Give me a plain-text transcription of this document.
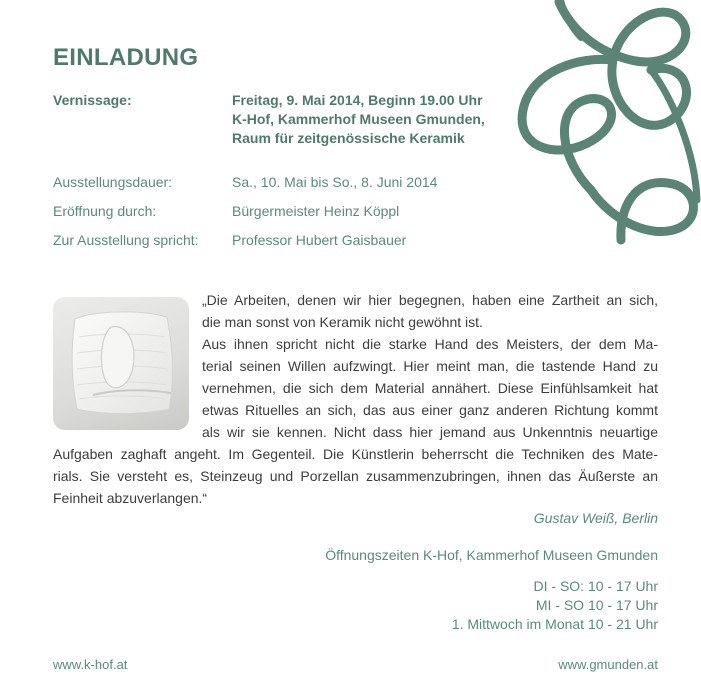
EINLADUNG
Vernissage:	Freitag, 9. Mai 2014, Beginn 19.00 Uhr
K-Hof, Kammerhof Museen Gmunden,
Raum für zeitgenössische Keramik
Ausstellungsdauer:	Sa., 10. Mai bis So., 8. Juni 2014
Eröffnung durch:	Bürgermeister Heinz Köppl
Zur Ausstellung spricht: Professor Hubert Gaisbauer
„Die Arbeiten, denen wir hier begegnen, haben eine Zartheit an sich,
die man sonst von Keramik nicht gewöhnt ist.
Aus ihnen spricht nicht die starke Hand des Meisters, der dem Ma-
terial seinen Willen aufzwingt. Hier meint man, die tastende Hand zu
vernehmen, die sich dem Material annähert. Diese Einfühlsamkeit hat
etwas Rituelles an sich, das aus einer ganz anderen Richtung kommt
als wir sie kennen. Nicht dass hier jemand aus Unkenntnis neuartige
Aufgaben zaghaft angeht. Im Gegenteil. Die Künstlerin beherrscht die Techniken des Mate-
rials. Sie versteht es, Steinzeug und Porzellan zusammenzubringen, ihnen das Äußerste an
Feinheit abzuverlangen.“
Gustav Weiß, Berlin
Öffnungszeiten K-Hof, Kammerhof Museen Gmunden
DI - SO: 10 - 17 Uhr
MI - SO 10 - 17 Uhr
1. Mittwoch im Monat 10 - 21 Uhr
www.k-hof.at	www.gmunden.at
